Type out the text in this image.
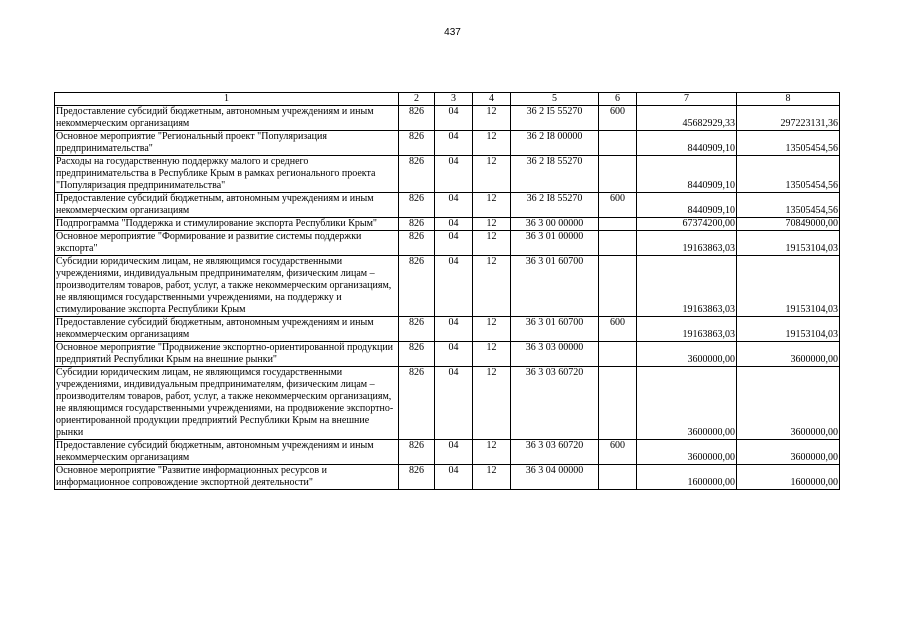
437
1	2	3	4	5	6	7	8
Предоставление субсидий бюджетным, автономным учреждениям и иным некоммерческим организациям	826	04	12	36 2 I5 55270	600	45682929,33	297223131,36
Основное мероприятие "Региональный проект "Популяризация предпринимательства"	826	04	12	36 2 I8 00000		8440909,10	13505454,56
Расходы на государственную поддержку малого и среднего предпринимательства в Республике Крым в рамках регионального проекта "Популяризация предпринимательства"	826	04	12	36 2 I8 55270		8440909,10	13505454,56
Предоставление субсидий бюджетным, автономным учреждениям и иным некоммерческим организациям	826	04	12	36 2 I8 55270	600	8440909,10	13505454,56
Подпрограмма "Поддержка и стимулирование экспорта Республики Крым"	826	04	12	36 3 00 00000		67374200,00	70849000,00
Основное мероприятие "Формирование и развитие системы поддержки экспорта"	826	04	12	36 3 01 00000		19163863,03	19153104,03
Субсидии юридическим лицам, не являющимся государственными учреждениями, индивидуальным предпринимателям, физическим лицам – производителям товаров, работ, услуг, а также некоммерческим организациям, не являющимся государственными учреждениями, на поддержку и стимулирование экспорта Республики Крым	826	04	12	36 3 01 60700		19163863,03	19153104,03
Предоставление субсидий бюджетным, автономным учреждениям и иным некоммерческим организациям	826	04	12	36 3 01 60700	600	19163863,03	19153104,03
Основное мероприятие "Продвижение экспортно-ориентированной продукции предприятий Республики Крым на внешние рынки"	826	04	12	36 3 03 00000		3600000,00	3600000,00
Субсидии юридическим лицам, не являющимся государственными учреждениями, индивидуальным предпринимателям, физическим лицам – производителям товаров, работ, услуг, а также некоммерческим организациям, не являющимся государственными учреждениями, на продвижение экспортно-ориентированной продукции предприятий Республики Крым на внешние рынки	826	04	12	36 3 03 60720		3600000,00	3600000,00
Предоставление субсидий бюджетным, автономным учреждениям и иным некоммерческим организациям	826	04	12	36 3 03 60720	600	3600000,00	3600000,00
Основное мероприятие "Развитие информационных ресурсов и информационное сопровождение экспортной деятельности"	826	04	12	36 3 04 00000		1600000,00	1600000,00
